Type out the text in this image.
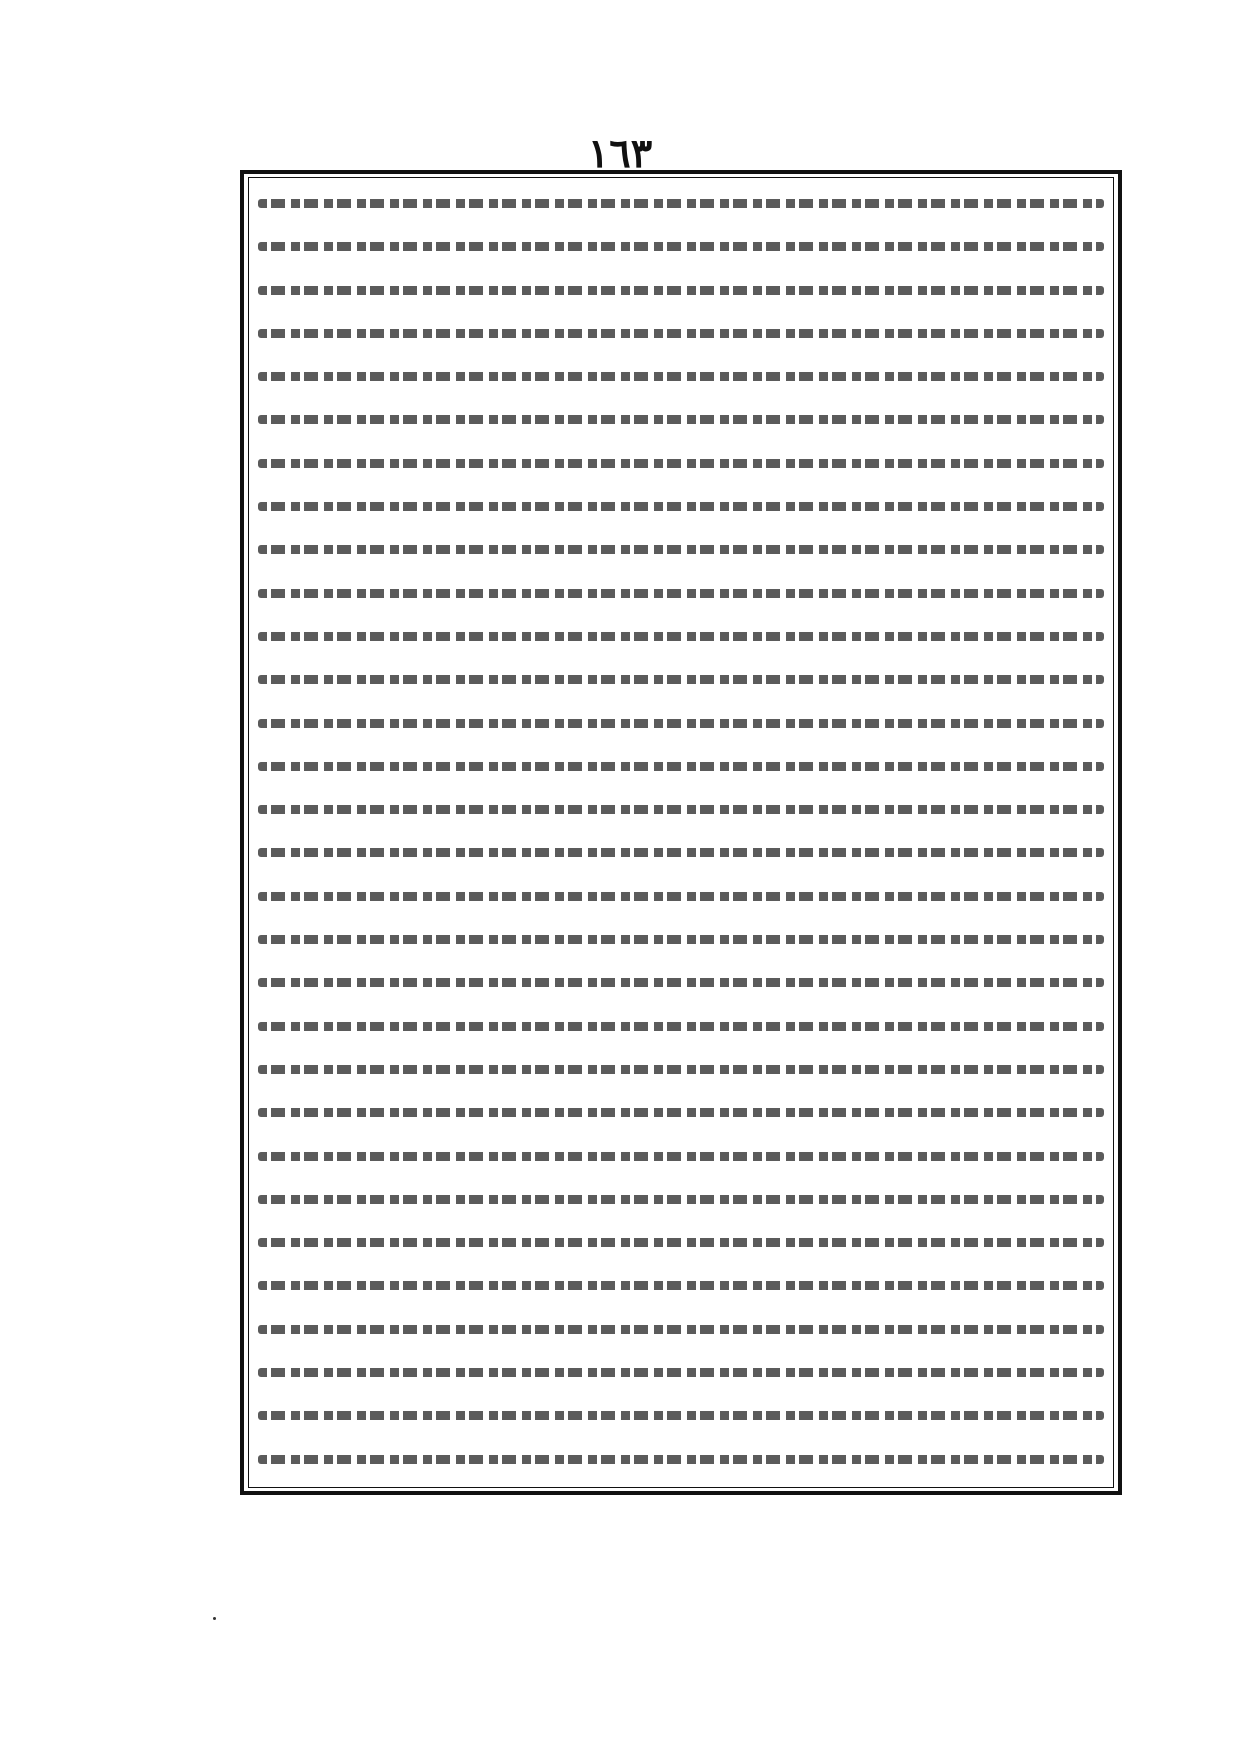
١٦٣
